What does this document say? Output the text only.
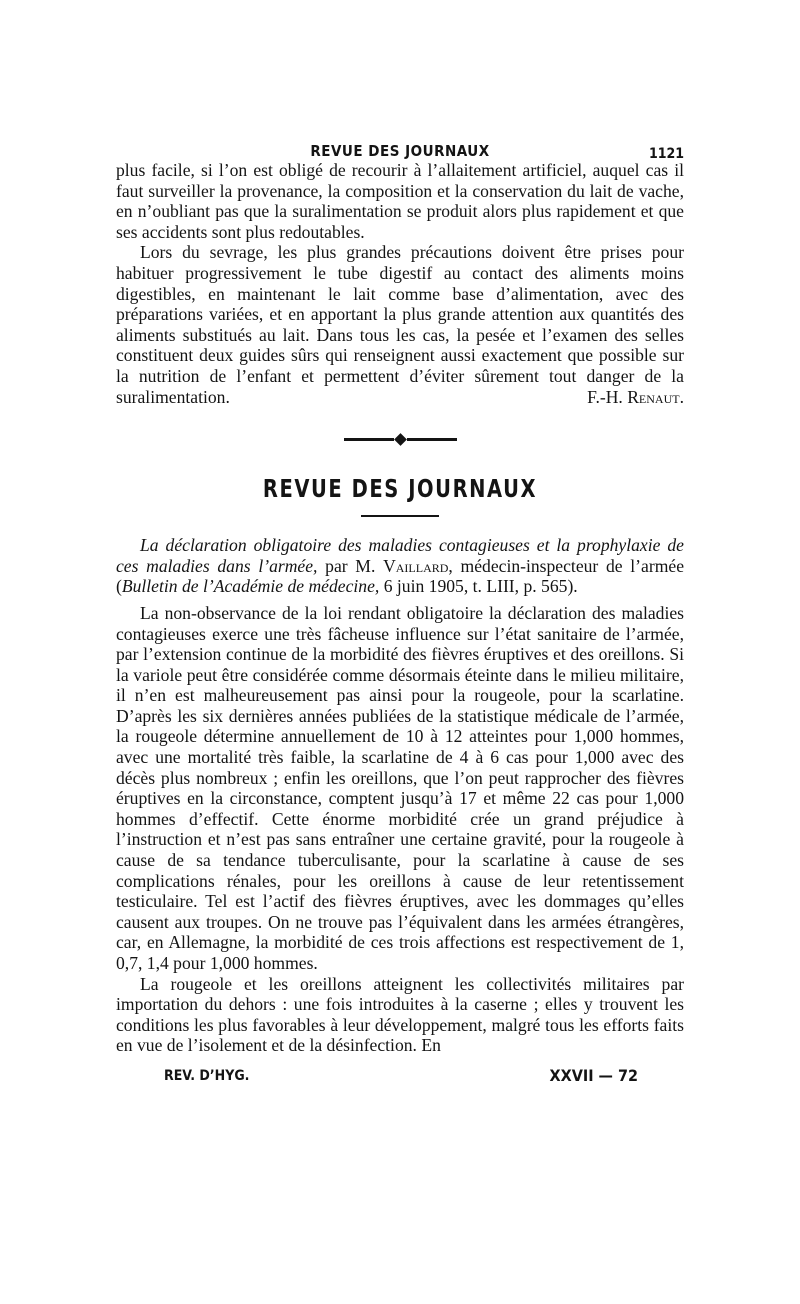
REVUE DES JOURNAUX	1121

plus facile, si l’on est obligé de recourir à l’allaitement artificiel, auquel cas il faut surveiller la provenance, la composition et la conservation du lait de vache, en n’oubliant pas que la suralimentation se produit alors plus rapidement et que ses accidents sont plus redoutables.

Lors du sevrage, les plus grandes précautions doivent être prises pour habituer progressivement le tube digestif au contact des aliments moins digestibles, en maintenant le lait comme base d’alimentation, avec des préparations variées, et en apportant la plus grande attention aux quantités des aliments substitués au lait. Dans tous les cas, la pesée et l’examen des selles constituent deux guides sûrs qui renseignent aussi exactement que possible sur la nutrition de l’enfant et permettent d’éviter sûrement tout danger de la suralimentation.	F.-H. Renaut.

REVUE DES JOURNAUX

La déclaration obligatoire des maladies contagieuses et la prophylaxie de ces maladies dans l’armée, par M. Vaillard, médecin-inspecteur de l’armée (Bulletin de l’Académie de médecine, 6 juin 1905, t. LIII, p. 565).

La non-observance de la loi rendant obligatoire la déclaration des maladies contagieuses exerce une très fâcheuse influence sur l’état sanitaire de l’armée, par l’extension continue de la morbidité des fièvres éruptives et des oreillons. Si la variole peut être considérée comme désormais éteinte dans le milieu militaire, il n’en est malheureusement pas ainsi pour la rougeole, pour la scarlatine. D’après les six dernières années publiées de la statistique médicale de l’armée, la rougeole détermine annuellement de 10 à 12 atteintes pour 1,000 hommes, avec une mortalité très faible, la scarlatine de 4 à 6 cas pour 1,000 avec des décès plus nombreux ; enfin les oreillons, que l’on peut rapprocher des fièvres éruptives en la circonstance, comptent jusqu’à 17 et même 22 cas pour 1,000 hommes d’effectif. Cette énorme morbidité crée un grand préjudice à l’instruction et n’est pas sans entraîner une certaine gravité, pour la rougeole à cause de sa tendance tuberculisante, pour la scarlatine à cause de ses complications rénales, pour les oreillons à cause de leur retentissement testiculaire. Tel est l’actif des fièvres éruptives, avec les dommages qu’elles causent aux troupes. On ne trouve pas l’équivalent dans les armées étrangères, car, en Allemagne, la morbidité de ces trois affections est respectivement de 1, 0,7, 1,4 pour 1,000 hommes.

La rougeole et les oreillons atteignent les collectivités militaires par importation du dehors : une fois introduites à la caserne ; elles y trouvent les conditions les plus favorables à leur développement, malgré tous les efforts faits en vue de l’isolement et de la désinfection. En

REV. D’HYG.	XXVII — 72
